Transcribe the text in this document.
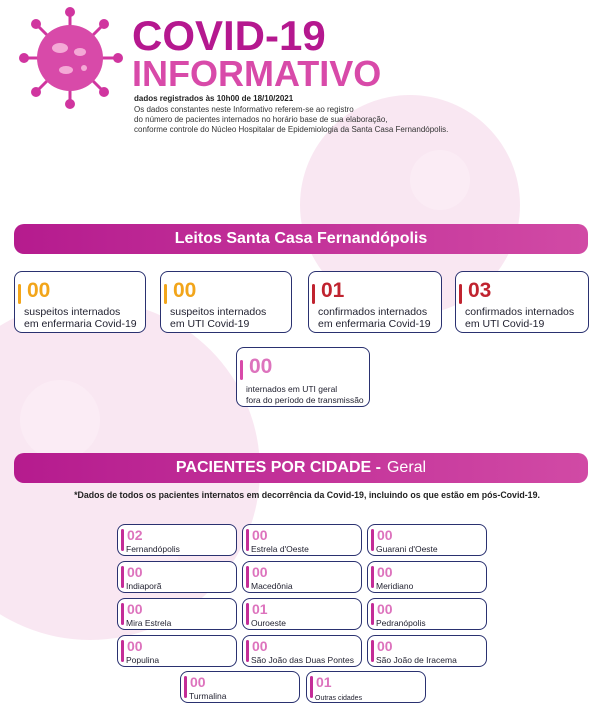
COVID-19
INFORMATIVO
dados registrados às 10h00 de 18/10/2021
Os dados constantes neste Informativo referem-se ao registro
do número de pacientes internados no horário base de sua elaboração,
conforme controle do Núcleo Hospitalar de Epidemiologia da Santa Casa Fernandópolis.
Leitos Santa Casa Fernandópolis
00
suspeitos internados
em enfermaria Covid-19
00
suspeitos internados
em UTI Covid-19
01
confirmados internados
em enfermaria Covid-19
03
confirmados internados
em UTI Covid-19
00
internados em UTI geral
fora do período de transmissão
PACIENTES POR CIDADE - Geral
*Dados de todos os pacientes internatos em decorrência da Covid-19, incluindo os que estão em pós-Covid-19.
02
Fernandópolis
00
Estrela d'Oeste
00
Guarani d'Oeste
00
Indiaporã
00
Macedônia
00
Meridiano
00
Mira Estrela
01
Ouroeste
00
Pedranópolis
00
Populina
00
São João das Duas Pontes
00
São João de Iracema
00
Turmalina
01
Outras cidades
